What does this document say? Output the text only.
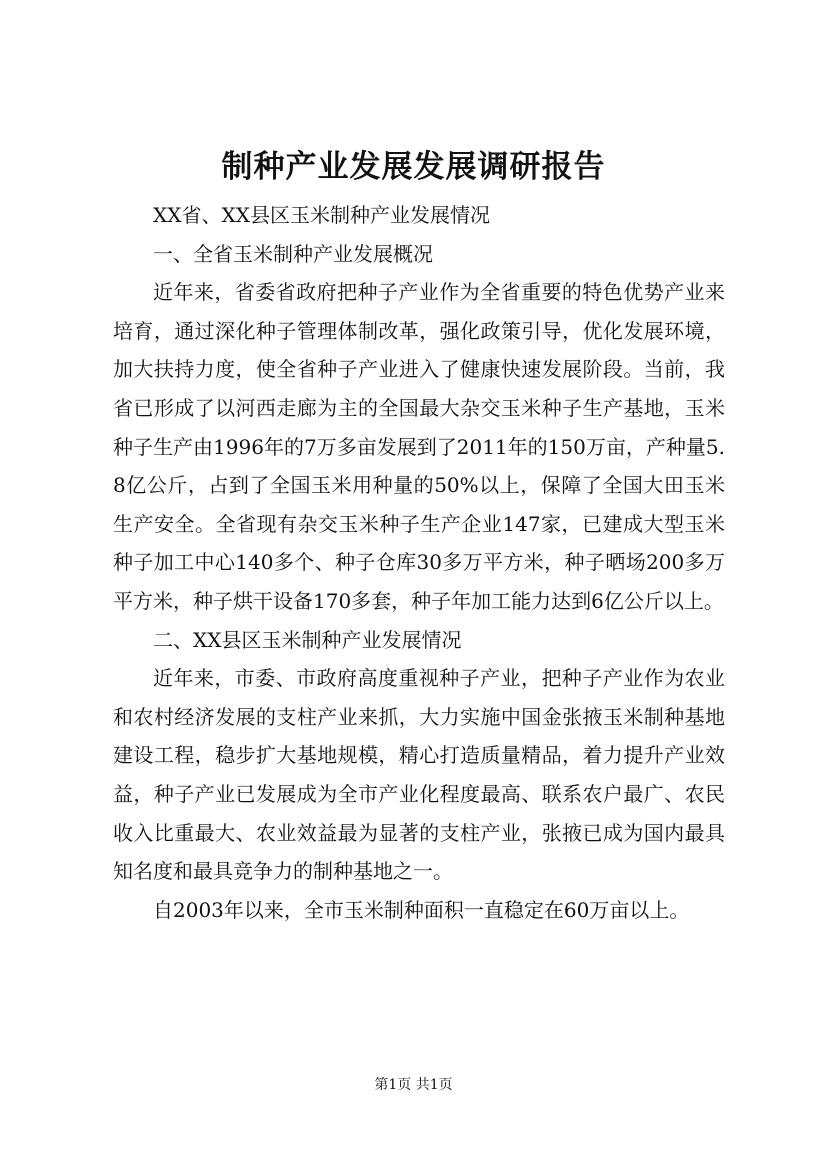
制种产业发展发展调研报告

XX省、XX县区玉米制种产业发展情况

一、全省玉米制种产业发展概况

近年来，省委省政府把种子产业作为全省重要的特色优势产业来培育，通过深化种子管理体制改革，强化政策引导，优化发展环境，加大扶持力度，使全省种子产业进入了健康快速发展阶段。当前，我省已形成了以河西走廊为主的全国最大杂交玉米种子生产基地，玉米种子生产由1996年的7万多亩发展到了2011年的150万亩，产种量5.8亿公斤，占到了全国玉米用种量的50%以上，保障了全国大田玉米生产安全。全省现有杂交玉米种子生产企业147家，已建成大型玉米种子加工中心140多个、种子仓库30多万平方米，种子晒场200多万平方米，种子烘干设备170多套，种子年加工能力达到6亿公斤以上。

二、XX县区玉米制种产业发展情况

近年来，市委、市政府高度重视种子产业，把种子产业作为农业和农村经济发展的支柱产业来抓，大力实施中国金张掖玉米制种基地建设工程，稳步扩大基地规模，精心打造质量精品，着力提升产业效益，种子产业已发展成为全市产业化程度最高、联系农户最广、农民收入比重最大、农业效益最为显著的支柱产业，张掖已成为国内最具知名度和最具竞争力的制种基地之一。

自2003年以来，全市玉米制种面积一直稳定在60万亩以上。

第1页 共1页
